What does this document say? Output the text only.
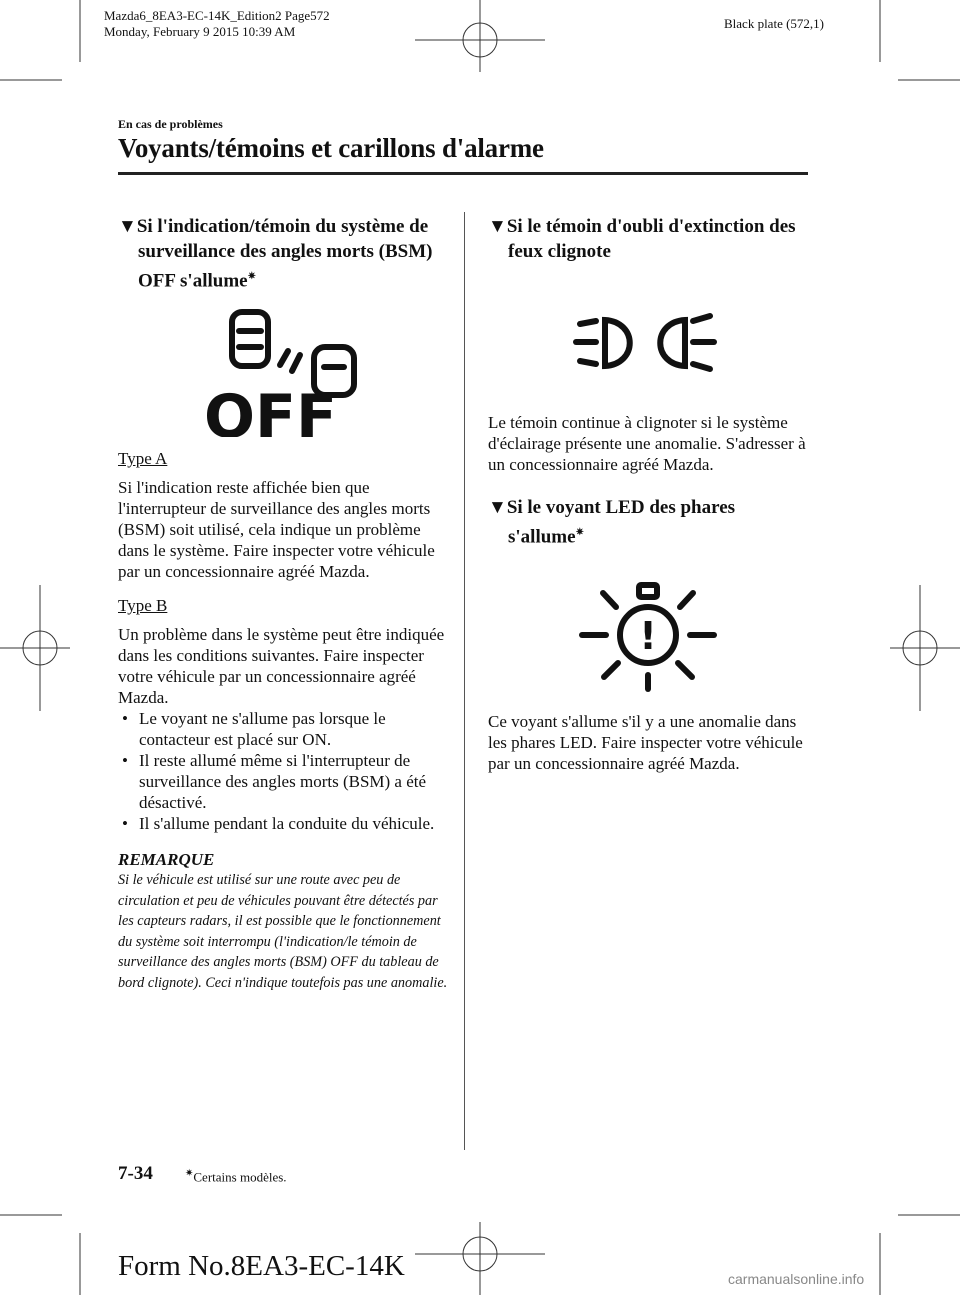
Mazda6_8EA3-EC-14K_Edition2 Page572
Monday, February 9 2015 10:39 AM
Black plate (572,1)
En cas de problèmes
Voyants/témoins et carillons d'alarme
▼Si l'indication/témoin du système de surveillance des angles morts (BSM) OFF s'allume✷
OFF
Type A
Si l'indication reste affichée bien que l'interrupteur de surveillance des angles morts (BSM) soit utilisé, cela indique un problème dans le système. Faire inspecter votre véhicule par un concessionnaire agréé Mazda.
Type B
Un problème dans le système peut être indiquée dans les conditions suivantes. Faire inspecter votre véhicule par un concessionnaire agréé Mazda.
• Le voyant ne s'allume pas lorsque le contacteur est placé sur ON.
• Il reste allumé même si l'interrupteur de surveillance des angles morts (BSM) a été désactivé.
• Il s'allume pendant la conduite du véhicule.
REMARQUE
Si le véhicule est utilisé sur une route avec peu de circulation et peu de véhicules pouvant être détectés par les capteurs radars, il est possible que le fonctionnement du système soit interrompu (l'indication/le témoin de surveillance des angles morts (BSM) OFF du tableau de bord clignote). Ceci n'indique toutefois pas une anomalie.
▼Si le témoin d'oubli d'extinction des feux clignote
Le témoin continue à clignoter si le système d'éclairage présente une anomalie. S'adresser à un concessionnaire agréé Mazda.
▼Si le voyant LED des phares s'allume✷
!
Ce voyant s'allume s'il y a une anomalie dans les phares LED. Faire inspecter votre véhicule par un concessionnaire agréé Mazda.
7-34	✷Certains modèles.
Form No.8EA3-EC-14K	carmanualsonline.info
